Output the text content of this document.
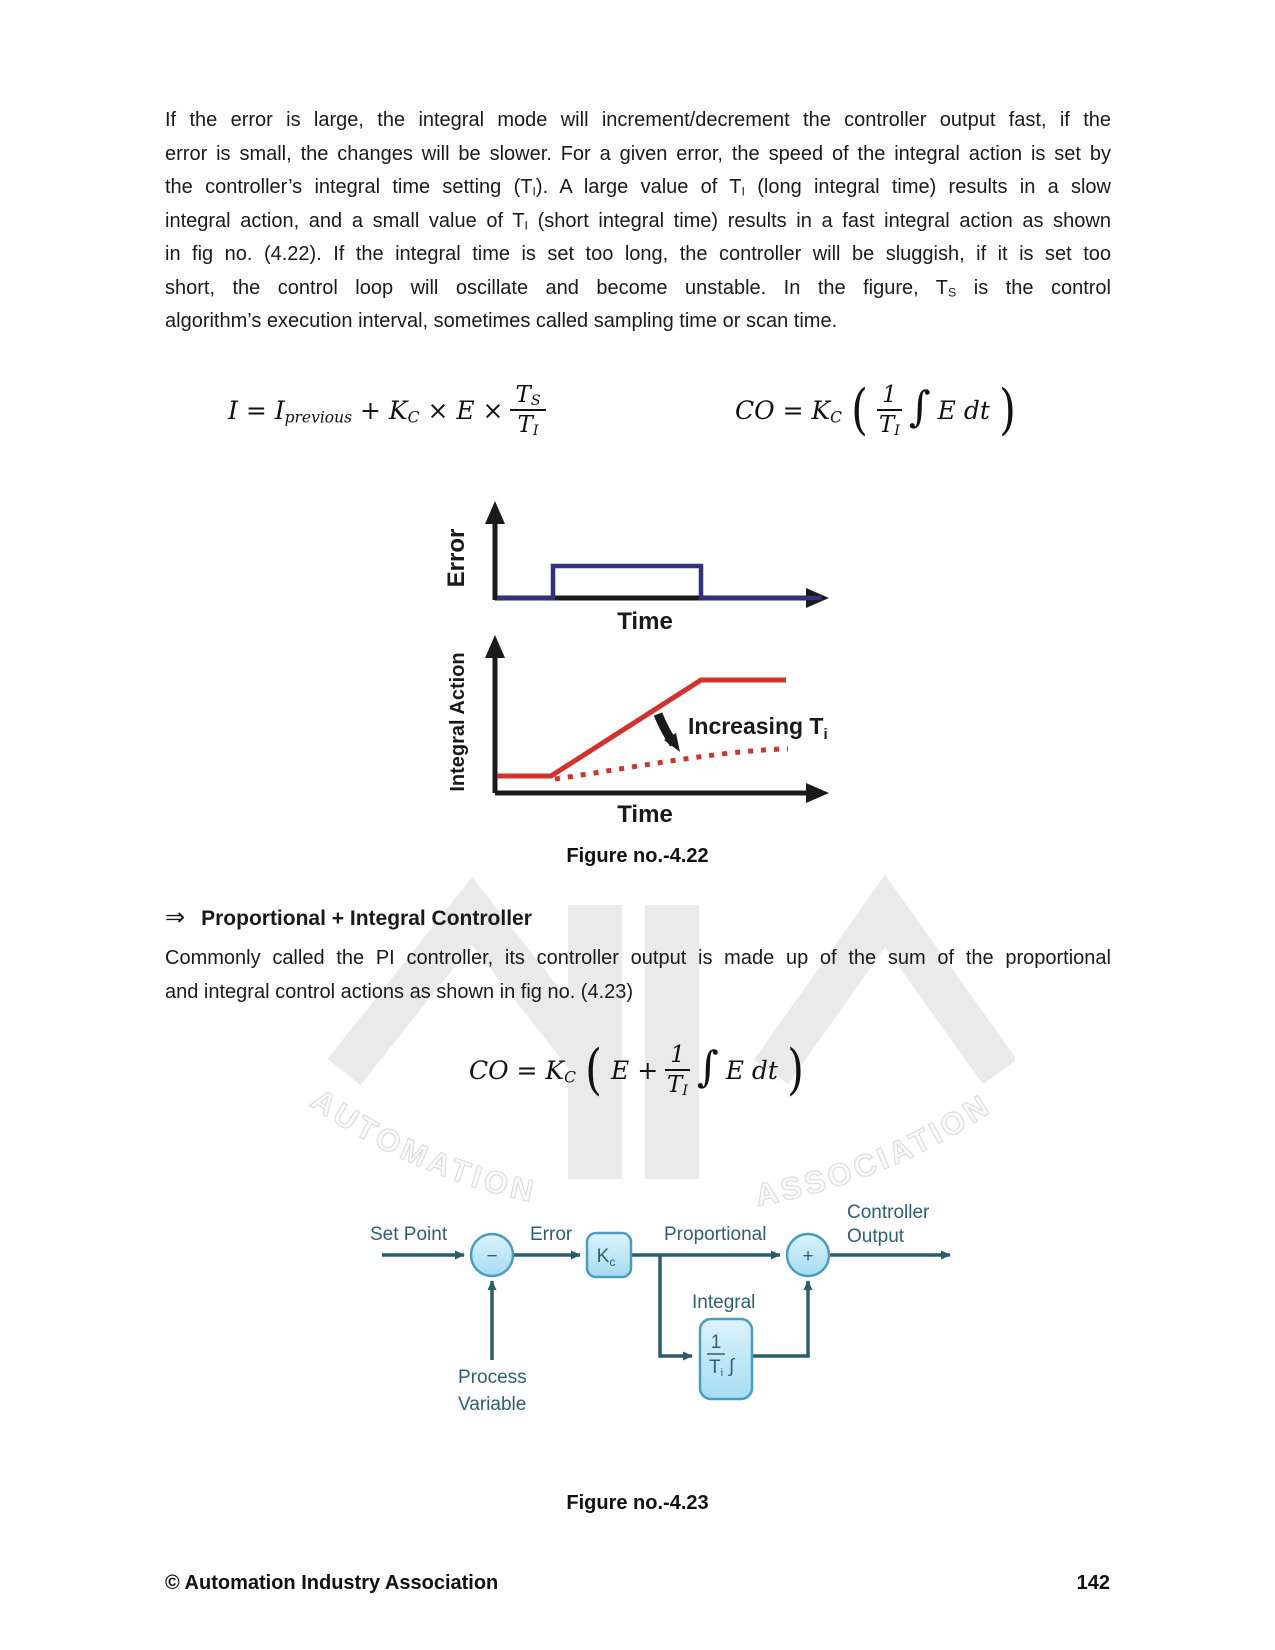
AUTOMATION	ASSOCIATION
If the error is large, the integral mode will increment/decrement the controller output fast, if the
error is small, the changes will be slower. For a given error, the speed of the integral action is set by
the controller’s integral time setting $(T_I)$. A large value of $T_I$ (long integral time) results in a slow
integral action, and a small value of $T_I$ (short integral time) results in a fast integral action as shown
in fig no. (4.22). If the integral time is set too long, the controller will be sluggish, if it is set too
short, the control loop will oscillate and become unstable. In the figure, $T_S$ is the control
algorithm’s execution interval, sometimes called sampling time or scan time.
$I = I_{previous} + K_C \times E \times \frac{T_S}{T_I}$	CO = $K_C$ ( $\frac{1}{T_I}$ ∫ E dt )
Error
Time
Integral Action	Increasing $T_i$
Time
Figure no.-4.22
⇒ Proportional + Integral Controller
Commonly called the PI controller, its controller output is made up of the sum of the proportional
and integral control actions as shown in fig no. (4.23)
CO = $K_C$ ( $E + \frac{1}{T_I}$ ∫ E dt )
−	$K_c$	+
1
Ti ∫
Set Point	Error	Proportional
Integral
Controller
Output
Process
Variable
Figure no.-4.23
© Automation Industry Association	142
